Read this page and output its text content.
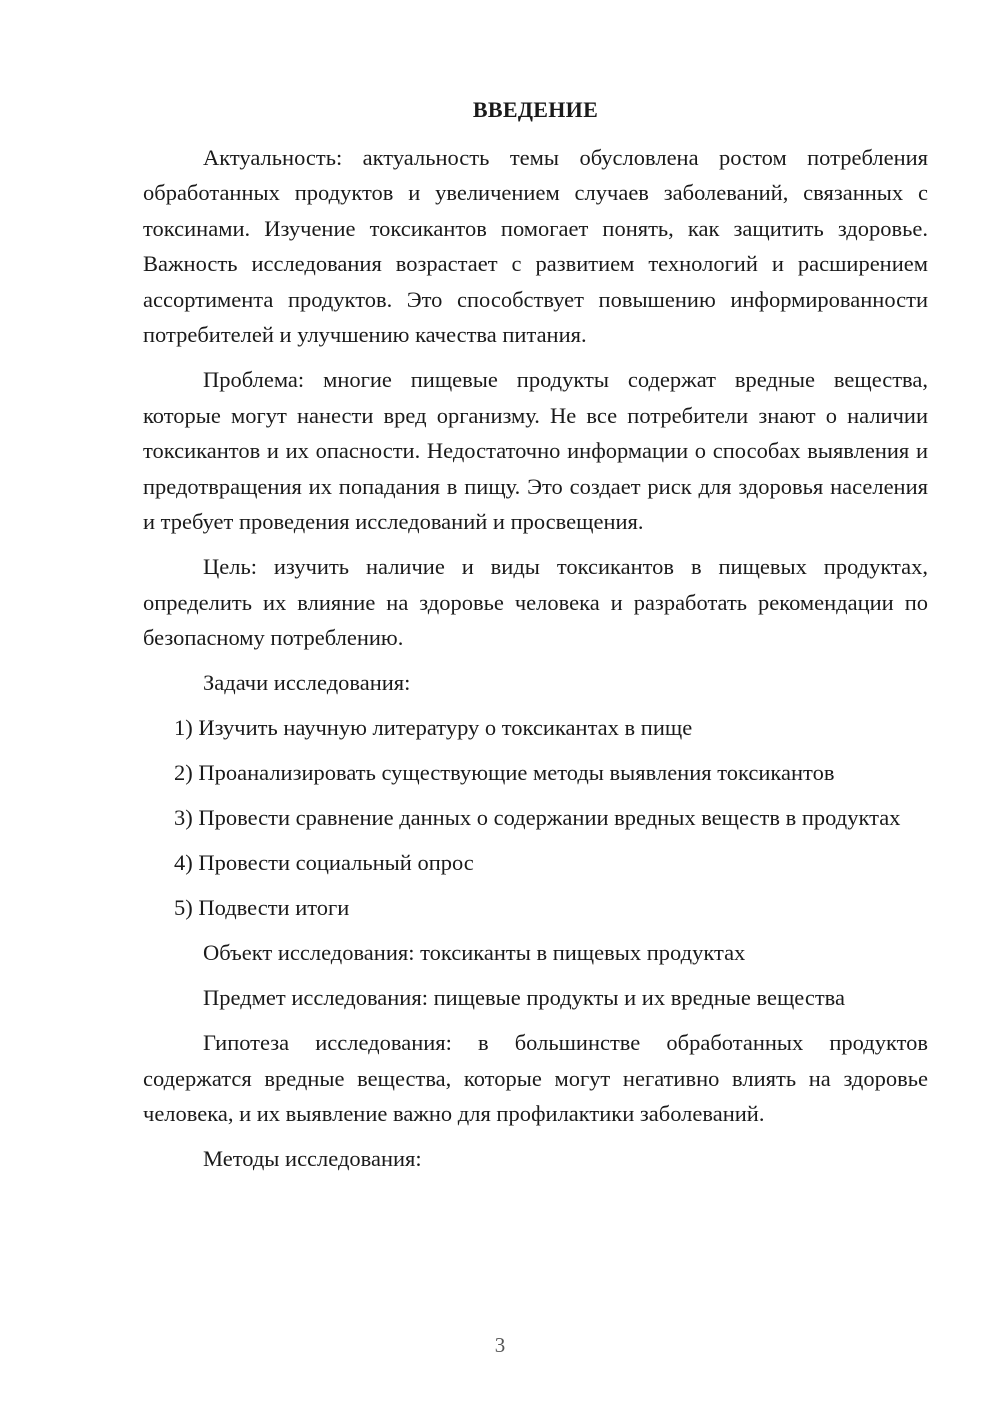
ВВЕДЕНИЕ
Актуальность: актуальность темы обусловлена ростом потребления обработанных продуктов и увеличением случаев заболеваний, связанных с токсинами. Изучение токсикантов помогает понять, как защитить здоровье. Важность исследования возрастает с развитием технологий и расширением ассортимента продуктов. Это способствует повышению информированности потребителей и улучшению качества питания.
Проблема: многие пищевые продукты содержат вредные вещества, которые могут нанести вред организму. Не все потребители знают о наличии токсикантов и их опасности. Недостаточно информации о способах выявления и предотвращения их попадания в пищу. Это создает риск для здоровья населения и требует проведения исследований и просвещения.
Цель: изучить наличие и виды токсикантов в пищевых продуктах, определить их влияние на здоровье человека и разработать рекомендации по безопасному потреблению.
Задачи исследования:
1) Изучить научную литературу о токсикантах в пище
2) Проанализировать существующие методы выявления токсикантов
3) Провести сравнение данных о содержании вредных веществ в продуктах
4) Провести социальный опрос
5) Подвести итоги
Объект исследования: токсиканты в пищевых продуктах
Предмет исследования: пищевые продукты и их вредные вещества
Гипотеза исследования: в большинстве обработанных продуктов содержатся вредные вещества, которые могут негативно влиять на здоровье человека, и их выявление важно для профилактики заболеваний.
Методы исследования:
3
